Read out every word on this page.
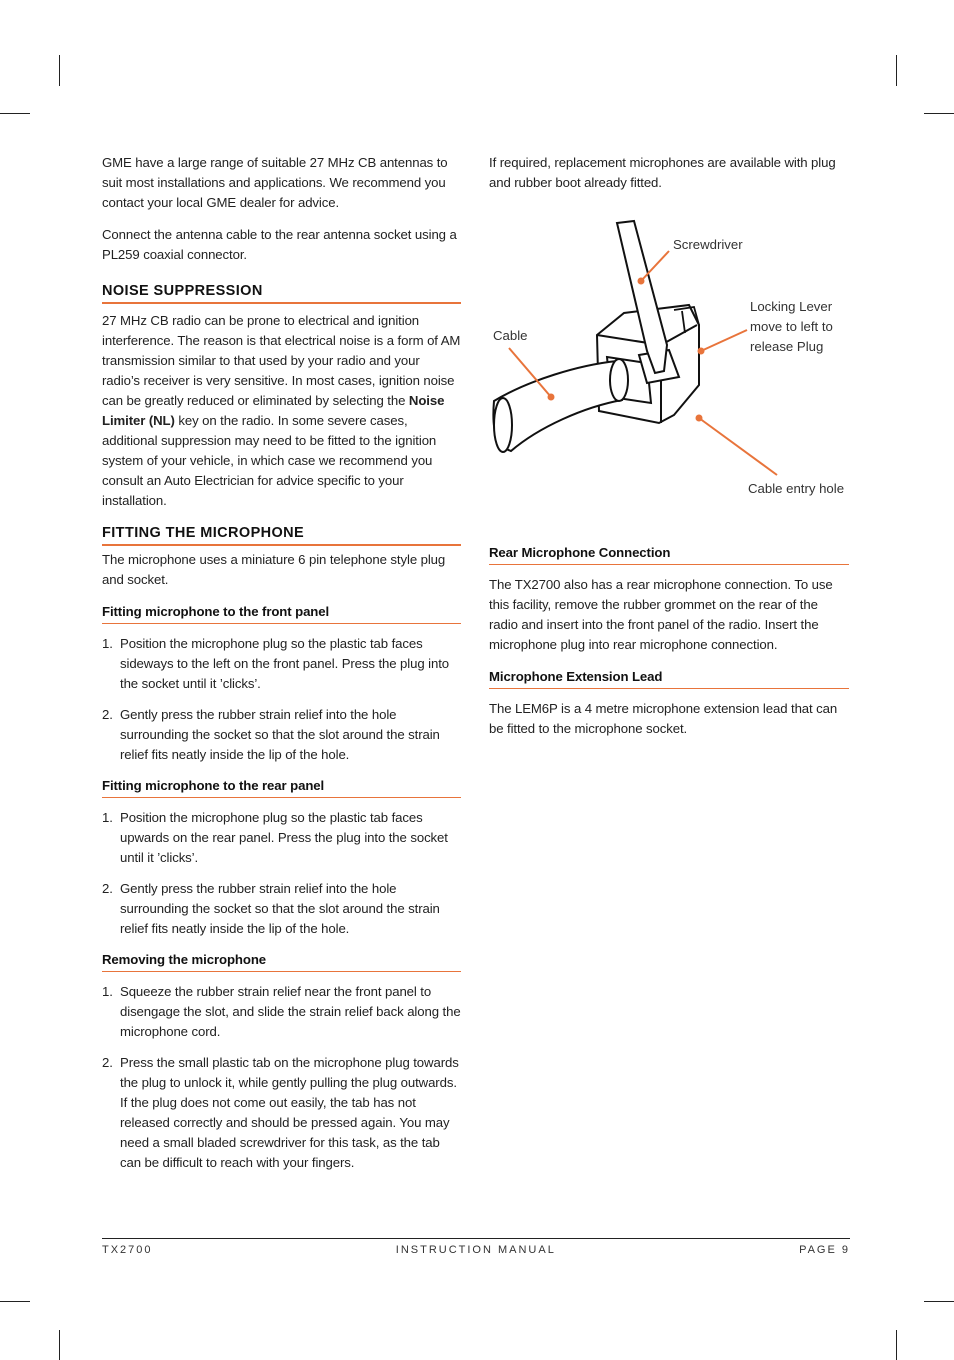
GME have a large range of suitable 27 MHz CB antennas to suit most installations and applications. We recommend you contact your local GME dealer for advice.

Connect the antenna cable to the rear antenna socket using a PL259 coaxial connector.

NOISE SUPPRESSION

27 MHz CB radio can be prone to electrical and ignition interference. The reason is that electrical noise is a form of AM transmission similar to that used by your radio and your radio’s receiver is very sensitive. In most cases, ignition noise can be greatly reduced or eliminated by selecting the Noise Limiter (NL) key on the radio. In some severe cases, additional suppression may need to be fitted to the ignition system of your vehicle, in which case we recommend you consult an Auto Electrician for advice specific to your installation.

FITTING THE MICROPHONE

The microphone uses a miniature 6 pin telephone style plug and socket.

Fitting microphone to the front panel
1. Position the microphone plug so the plastic tab faces sideways to the left on the front panel. Press the plug into the socket until it ’clicks’.
2. Gently press the rubber strain relief into the hole surrounding the socket so that the slot around the strain relief fits neatly inside the lip of the hole.
Fitting microphone to the rear panel
1. Position the microphone plug so the plastic tab faces upwards on the rear panel. Press the plug into the socket until it ’clicks’.
2. Gently press the rubber strain relief into the hole surrounding the socket so that the slot around the strain relief fits neatly inside the lip of the hole.
Removing the microphone
1. Squeeze the rubber strain relief near the front panel to disengage the slot, and slide the strain relief back along the microphone cord.
2. Press the small plastic tab on the microphone plug towards the plug to unlock it, while gently pulling the plug outwards. If the plug does not come out easily, the tab has not released correctly and should be pressed again. You may need a small bladed screwdriver for this task, as the tab can be difficult to reach with your fingers.

If required, replacement microphones are available with plug and rubber boot already fitted.

Screwdriver
Cable
Locking Lever
move to left to
release Plug
Cable entry hole
Rear Microphone Connection

The TX2700 also has a rear microphone connection. To use this facility, remove the rubber grommet on the rear of the radio and insert into the front panel of the radio. Insert the microphone plug into rear microphone connection.

Microphone Extension Lead

The LEM6P is a 4 metre microphone extension lead that can be fitted to the microphone socket.

TX2700	INSTRUCTION MANUAL	PAGE 9
